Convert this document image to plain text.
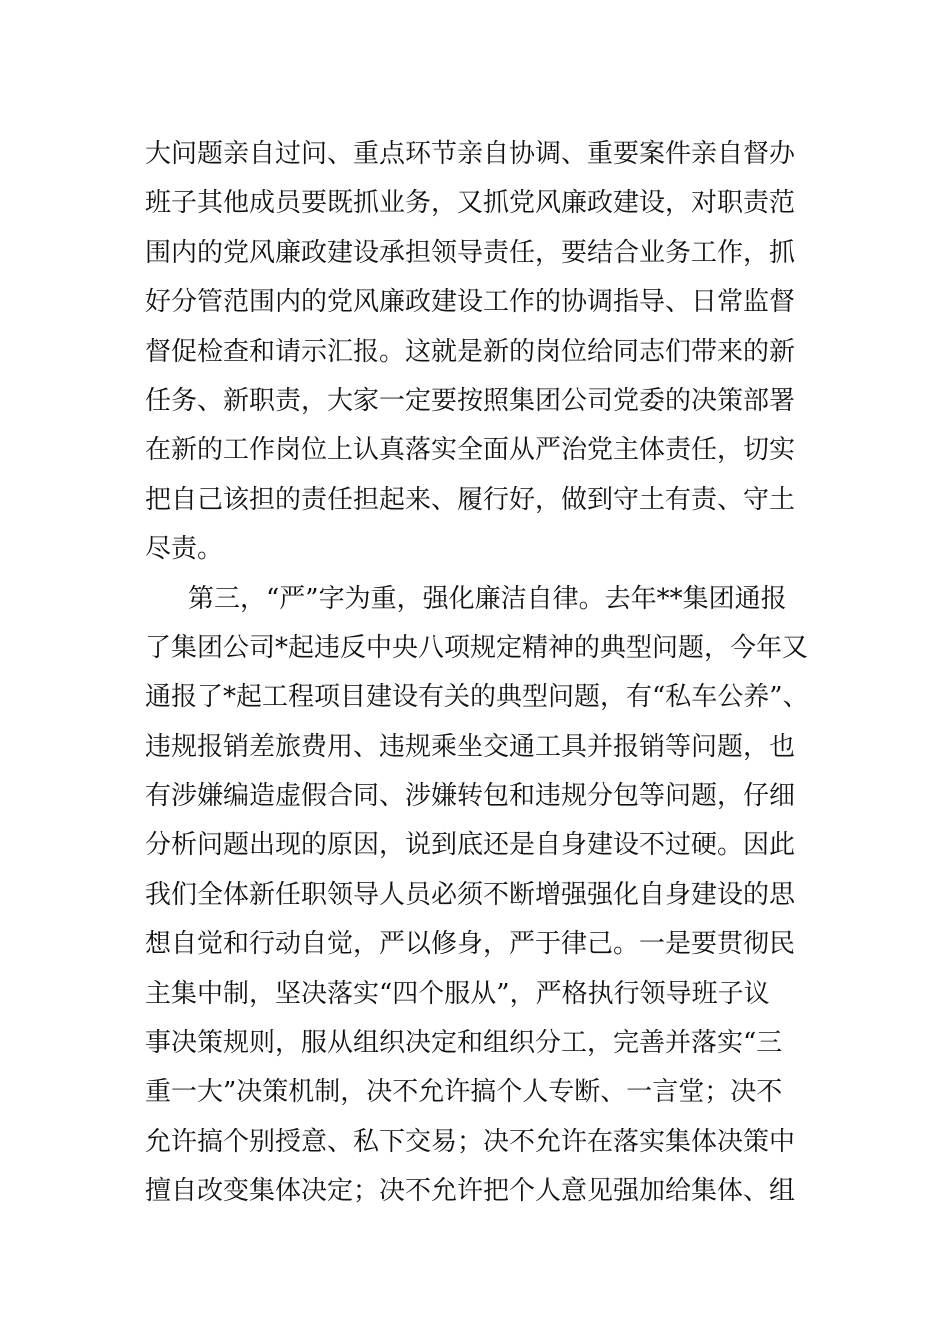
大问题亲自过问、重点环节亲自协调、重要案件亲自督办
班子其他成员要既抓业务，又抓党风廉政建设，对职责范
围内的党风廉政建设承担领导责任，要结合业务工作，抓
好分管范围内的党风廉政建设工作的协调指导、日常监督
督促检查和请示汇报。这就是新的岗位给同志们带来的新
任务、新职责，大家一定要按照集团公司党委的决策部署
在新的工作岗位上认真落实全面从严治党主体责任，切实
把自己该担的责任担起来、履行好，做到守土有责、守土
尽责。
第三，“严”字为重，强化廉洁自律。去年**集团通报
了集团公司*起违反中央八项规定精神的典型问题，今年又
通报了*起工程项目建设有关的典型问题，有“私车公养”、
违规报销差旅费用、违规乘坐交通工具并报销等问题，也
有涉嫌编造虚假合同、涉嫌转包和违规分包等问题，仔细
分析问题出现的原因，说到底还是自身建设不过硬。因此
我们全体新任职领导人员必须不断增强强化自身建设的思
想自觉和行动自觉，严以修身，严于律己。一是要贯彻民
主集中制，坚决落实“四个服从”，严格执行领导班子议
事决策规则，服从组织决定和组织分工，完善并落实“三
重一大”决策机制，决不允许搞个人专断、一言堂；决不
允许搞个别授意、私下交易；决不允许在落实集体决策中
擅自改变集体决定；决不允许把个人意见强加给集体、组
